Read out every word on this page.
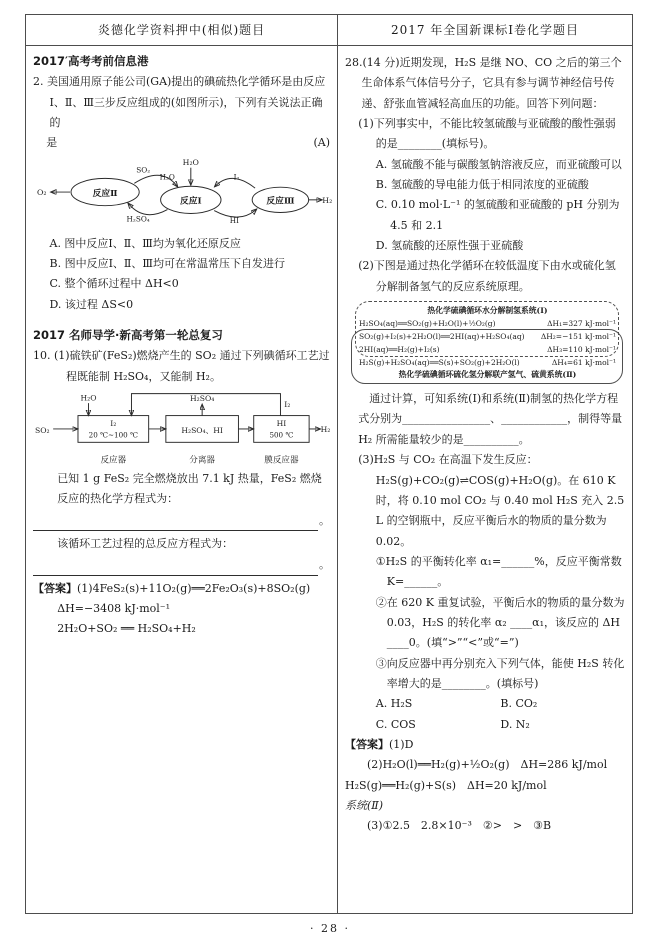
炎德化学资料押中(相似)题目	2017 年全国新课标Ⅰ卷化学题目
2017′高考考前信息港
2. 美国通用原子能公司(GA)提出的碘硫热化学循环是由反应Ⅰ、Ⅱ、Ⅲ三步反应组成的(如图所示)，下列有关说法正确的
是	(A)
O₂	反应Ⅱ
H₂O
反应Ⅰ
SO₂
H₂O
H₂SO₄
I₂
HI
反应Ⅲ	H₂
A. 图中反应Ⅰ、Ⅱ、Ⅲ均为氧化还原反应
B. 图中反应Ⅰ、Ⅱ、Ⅲ均可在常温常压下自发进行
C. 整个循环过程中 ΔH<0
D. 该过程 ΔS<0
2017 名师导学·新高考第一轮总复习
10. (1)硫铁矿(FeS₂)燃烧产生的 SO₂ 通过下列碘循环工艺过程既能制 H₂SO₄，又能制 H₂。
SO₂
H₂O
I₂
I₂
20 ℃~100 ℃
反应器
H₂SO₄
H₂SO₄、HI
分离器
HI
500 ℃
膜反应器
H₂
已知 1 g FeS₂ 完全燃烧放出 7.1 kJ 热量，FeS₂ 燃烧反应的热化学方程式为：
。
该循环工艺过程的总反应方程式为：
。
【答案】(1)4FeS₂(s)+11O₂(g)══2Fe₂O₃(s)+8SO₂(g)
ΔH=−3408 kJ·mol⁻¹
2H₂O+SO₂ ══ H₂SO₄+H₂
28.(14 分)近期发现，H₂S 是继 NO、CO 之后的第三个生命体系气体信号分子，它具有参与调节神经信号传递、舒张血管减轻高血压的功能。回答下列问题：
(1)下列事实中，不能比较氢硫酸与亚硫酸的酸性强弱的是________(填标号)。
A. 氢硫酸不能与碳酸氢钠溶液反应，而亚硫酸可以
B. 氢硫酸的导电能力低于相同浓度的亚硫酸
C. 0.10 mol·L⁻¹ 的氢硫酸和亚硫酸的 pH 分别为 4.5 和 2.1
D. 氢硫酸的还原性强于亚硫酸
(2)下图是通过热化学循环在较低温度下由水或硫化氢分解制备氢气的反应系统原理。
热化学硫碘循环水分解制氢系统(Ⅰ)
H₂SO₄(aq)══SO₂(g)+H₂O(l)+½O₂(g)	ΔH₁=327 kJ·mol⁻¹
SO₂(g)+I₂(s)+2H₂O(l)══2HI(aq)+H₂SO₄(aq) ΔH₂=−151 kJ·mol⁻¹
2HI(aq)══H₂(g)+I₂(s)	ΔH₃=110 kJ·mol⁻¹
H₂S(g)+H₂SO₄(aq)══S(s)+SO₂(g)+2H₂O(l)	ΔH₄=61 kJ·mol⁻¹
热化学硫碘循环硫化氢分解联产氢气、硫黄系统(Ⅱ)
通过计算，可知系统(Ⅰ)和系统(Ⅱ)制氢的热化学方程式分别为________________、____________，制得等量 H₂ 所需能量较少的是__________。
(3)H₂S 与 CO₂ 在高温下发生反应：H₂S(g)+CO₂(g)⇌COS(g)+H₂O(g)。在 610 K 时，将 0.10 mol CO₂ 与 0.40 mol H₂S 充入 2.5 L 的空钢瓶中，反应平衡后水的物质的量分数为 0.02。
①H₂S 的平衡转化率 α₁=______%，反应平衡常数 K=______。
②在 620 K 重复试验，平衡后水的物质的量分数为 0.03，H₂S 的转化率 α₂ ____α₁，该反应的 ΔH ____0。(填“>”“<”或“=”)
③向反应器中再分别充入下列气体，能使 H₂S 转化率增大的是________。(填标号)
A. H₂S	B. CO₂
C. COS	D. N₂
【答案】(1)D
(2)H₂O(l)══H₂(g)+½O₂(g)　ΔH=286 kJ/mol　H₂S(g)══H₂(g)+S(s)　ΔH=20 kJ/mol
系统(Ⅱ)
(3)①2.5　2.8×10⁻³　②>　>　③B
· 28 ·
